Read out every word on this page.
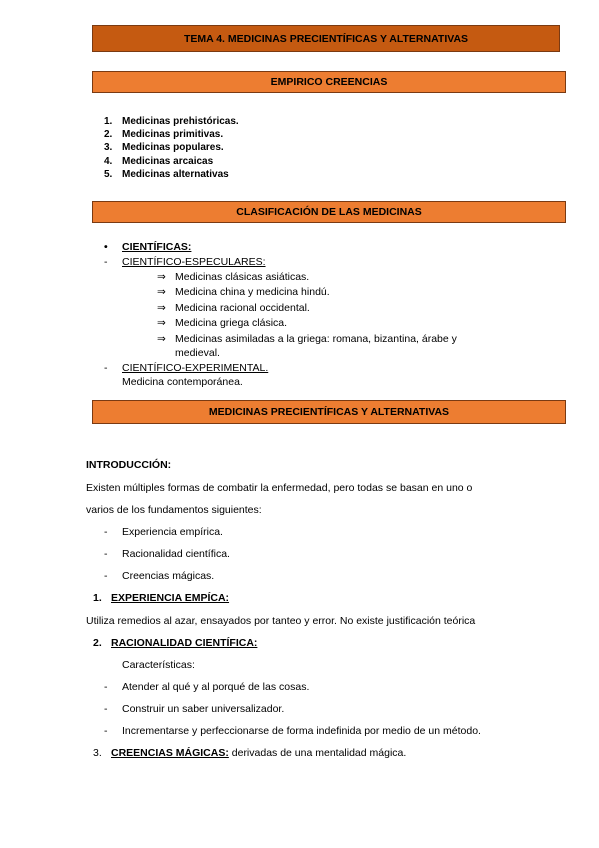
TEMA 4. MEDICINAS PRECIENTÍFICAS Y ALTERNATIVAS
EMPIRICO CREENCIAS
1. Medicinas prehistóricas.
2. Medicinas primitivas.
3. Medicinas populares.
4. Medicinas arcaicas
5. Medicinas alternativas
CLASIFICACIÓN DE LAS MEDICINAS
• CIENTÍFICAS:
- CIENTÍFICO-ESPECULARES:
⇒ Medicinas clásicas asiáticas.
⇒ Medicina china y medicina hindú.
⇒ Medicina racional occidental.
⇒ Medicina griega clásica.
⇒ Medicinas asimiladas a la griega: romana, bizantina, árabe y
medieval.
- CIENTÍFICO-EXPERIMENTAL.
Medicina contemporánea.
MEDICINAS PRECIENTÍFICAS Y ALTERNATIVAS
INTRODUCCIÓN:
Existen múltiples formas de combatir la enfermedad, pero todas se basan en uno o
varios de los fundamentos siguientes:
- Experiencia empírica.
- Racionalidad científica.
- Creencias mágicas.
1. EXPERIENCIA EMPÍCA:
Utiliza remedios al azar, ensayados por tanteo y error. No existe justificación teórica
2. RACIONALIDAD CIENTÍFICA:
Características:
- Atender al qué y al porqué de las cosas.
- Construir un saber universalizador.
- Incrementarse y perfeccionarse de forma indefinida por medio de un método.
3. CREENCIAS MÁGICAS: derivadas de una mentalidad mágica.
